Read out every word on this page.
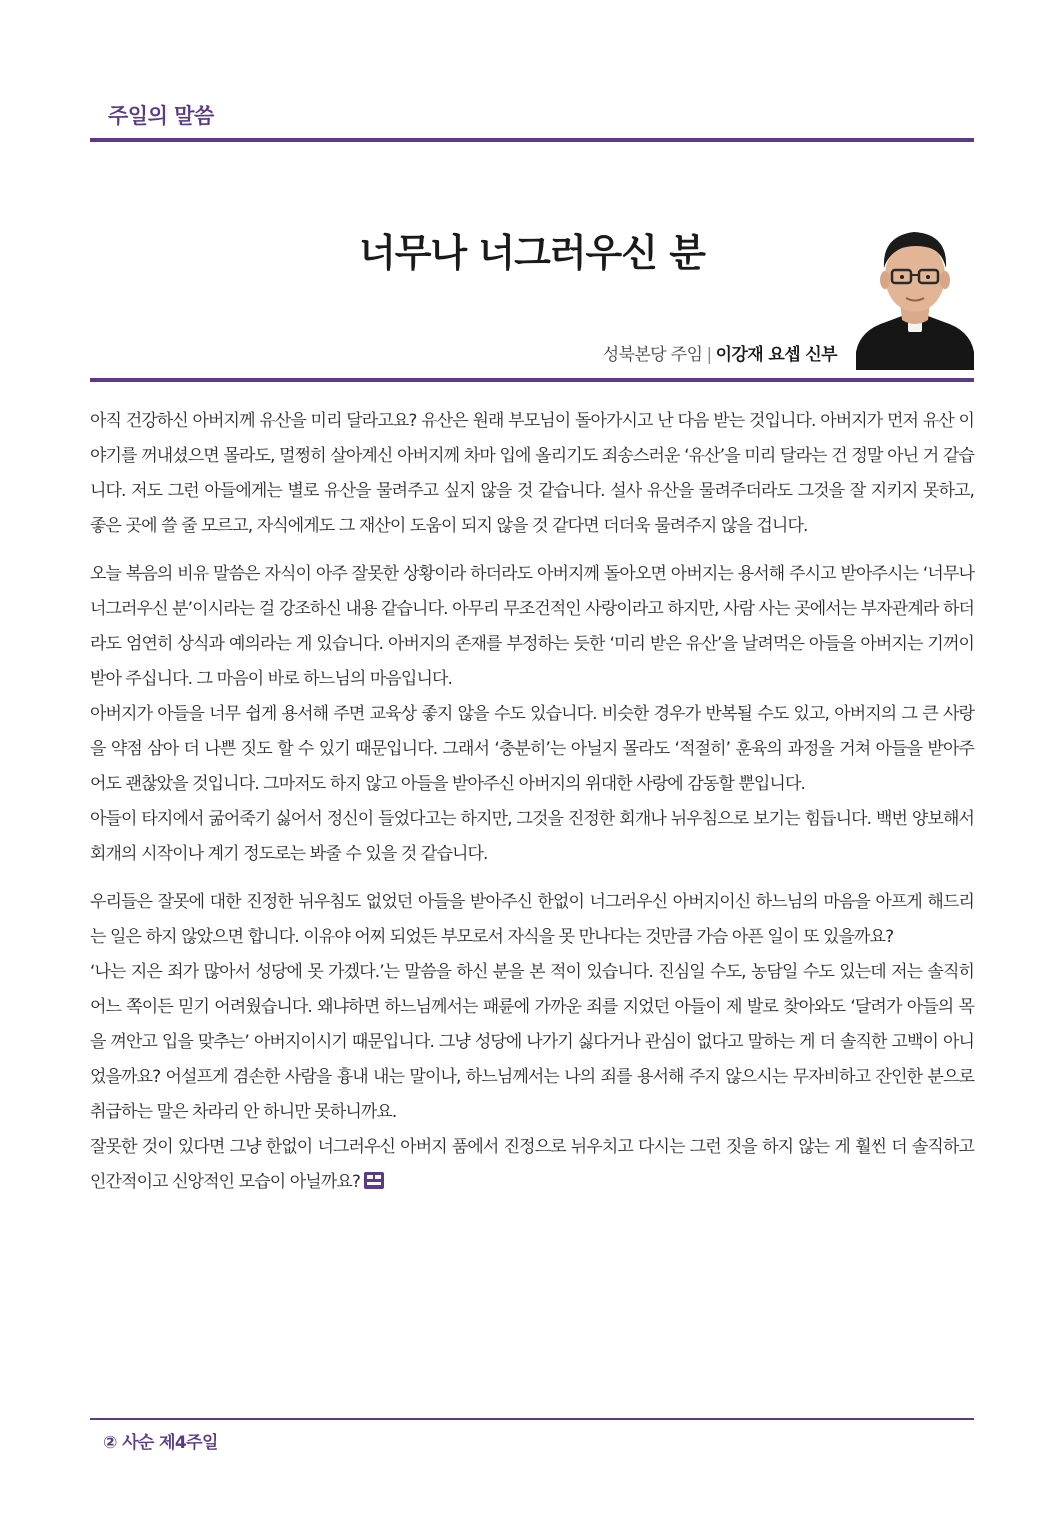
주일의 말씀
너무나 너그러우신 분
성북본당 주임 | 이강재 요셉 신부

아직 건강하신 아버지께 유산을 미리 달라고요? 유산은 원래 부모님이 돌아가시고 난 다음 받는 것입니다. 아버지가 먼저 유산 이야기를 꺼내셨으면 몰라도, 멀쩡히 살아계신 아버지께 차마 입에 올리기도 죄송스러운 ‘유산’을 미리 달라는 건 정말 아닌 거 같습니다. 저도 그런 아들에게는 별로 유산을 물려주고 싶지 않을 것 같습니다. 설사 유산을 물려주더라도 그것을 잘 지키지 못하고, 좋은 곳에 쓸 줄 모르고, 자식에게도 그 재산이 도움이 되지 않을 것 같다면 더더욱 물려주지 않을 겁니다.

오늘 복음의 비유 말씀은 자식이 아주 잘못한 상황이라 하더라도 아버지께 돌아오면 아버지는 용서해 주시고 받아주시는 ‘너무나 너그러우신 분’이시라는 걸 강조하신 내용 같습니다. 아무리 무조건적인 사랑이라고 하지만, 사람 사는 곳에서는 부자관계라 하더라도 엄연히 상식과 예의라는 게 있습니다. 아버지의 존재를 부정하는 듯한 ‘미리 받은 유산’을 날려먹은 아들을 아버지는 기꺼이 받아 주십니다. 그 마음이 바로 하느님의 마음입니다.

아버지가 아들을 너무 쉽게 용서해 주면 교육상 좋지 않을 수도 있습니다. 비슷한 경우가 반복될 수도 있고, 아버지의 그 큰 사랑을 약점 삼아 더 나쁜 짓도 할 수 있기 때문입니다. 그래서 ‘충분히’는 아닐지 몰라도 ‘적절히’ 훈육의 과정을 거쳐 아들을 받아주어도 괜찮았을 것입니다. 그마저도 하지 않고 아들을 받아주신 아버지의 위대한 사랑에 감동할 뿐입니다.

아들이 타지에서 굶어죽기 싫어서 정신이 들었다고는 하지만, 그것을 진정한 회개나 뉘우침으로 보기는 힘듭니다. 백번 양보해서 회개의 시작이나 계기 정도로는 봐줄 수 있을 것 같습니다.

우리들은 잘못에 대한 진정한 뉘우침도 없었던 아들을 받아주신 한없이 너그러우신 아버지이신 하느님의 마음을 아프게 해드리는 일은 하지 않았으면 합니다. 이유야 어찌 되었든 부모로서 자식을 못 만나다는 것만큼 가슴 아픈 일이 또 있을까요?

‘나는 지은 죄가 많아서 성당에 못 가겠다.’는 말씀을 하신 분을 본 적이 있습니다. 진심일 수도, 농담일 수도 있는데 저는 솔직히 어느 쪽이든 믿기 어려웠습니다. 왜냐하면 하느님께서는 패륜에 가까운 죄를 지었던 아들이 제 발로 찾아와도 ‘달려가 아들의 목을 껴안고 입을 맞추는’ 아버지이시기 때문입니다. 그냥 성당에 나가기 싫다거나 관심이 없다고 말하는 게 더 솔직한 고백이 아니었을까요? 어설프게 겸손한 사람을 흉내 내는 말이나, 하느님께서는 나의 죄를 용서해 주지 않으시는 무자비하고 잔인한 분으로 취급하는 말은 차라리 안 하니만 못하니까요.

잘못한 것이 있다면 그냥 한없이 너그러우신 아버지 품에서 진정으로 뉘우치고 다시는 그런 짓을 하지 않는 게 훨씬 더 솔직하고 인간적이고 신앙적인 모습이 아닐까요?

② 사순 제4주일
